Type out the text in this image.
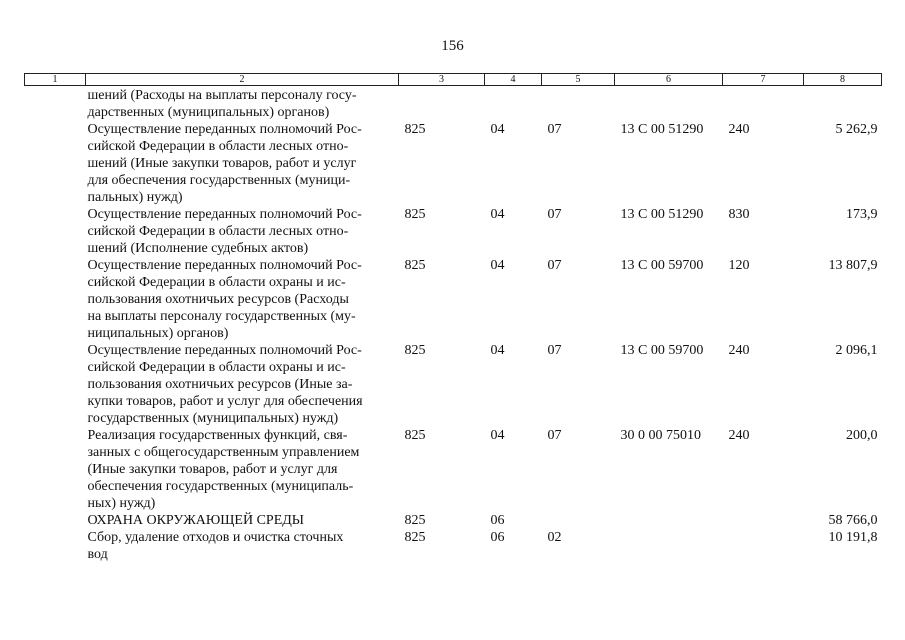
156
1	2	3	4	5	6	7	8
	шений (Расходы на выплаты персоналу госу-
дарственных (муниципальных) органов)						
	Осуществление переданных полномочий Рос-
сийской Федерации в области лесных отно-
шений (Иные закупки товаров, работ и услуг
для обеспечения государственных (муници-
пальных) нужд)	825	04	07	13 С 00 51290	240	5 262,9
	Осуществление переданных полномочий Рос-
сийской Федерации в области лесных отно-
шений (Исполнение судебных актов)	825	04	07	13 С 00 51290	830	173,9
	Осуществление переданных полномочий Рос-
сийской Федерации в области охраны и ис-
пользования охотничьих ресурсов (Расходы
на выплаты персоналу государственных (му-
ниципальных) органов)	825	04	07	13 С 00 59700	120	13 807,9
	Осуществление переданных полномочий Рос-
сийской Федерации в области охраны и ис-
пользования охотничьих ресурсов (Иные за-
купки товаров, работ и услуг для обеспечения
государственных (муниципальных) нужд)	825	04	07	13 С 00 59700	240	2 096,1
	Реализация государственных функций, свя-
занных с общегосударственным управлением
(Иные закупки товаров, работ и услуг для
обеспечения государственных (муниципаль-
ных) нужд)	825	04	07	30 0 00 75010	240	200,0
	ОХРАНА ОКРУЖАЮЩЕЙ СРЕДЫ	825	06				58 766,0
	Сбор, удаление отходов и очистка сточных
вод	825	06	02			10 191,8
